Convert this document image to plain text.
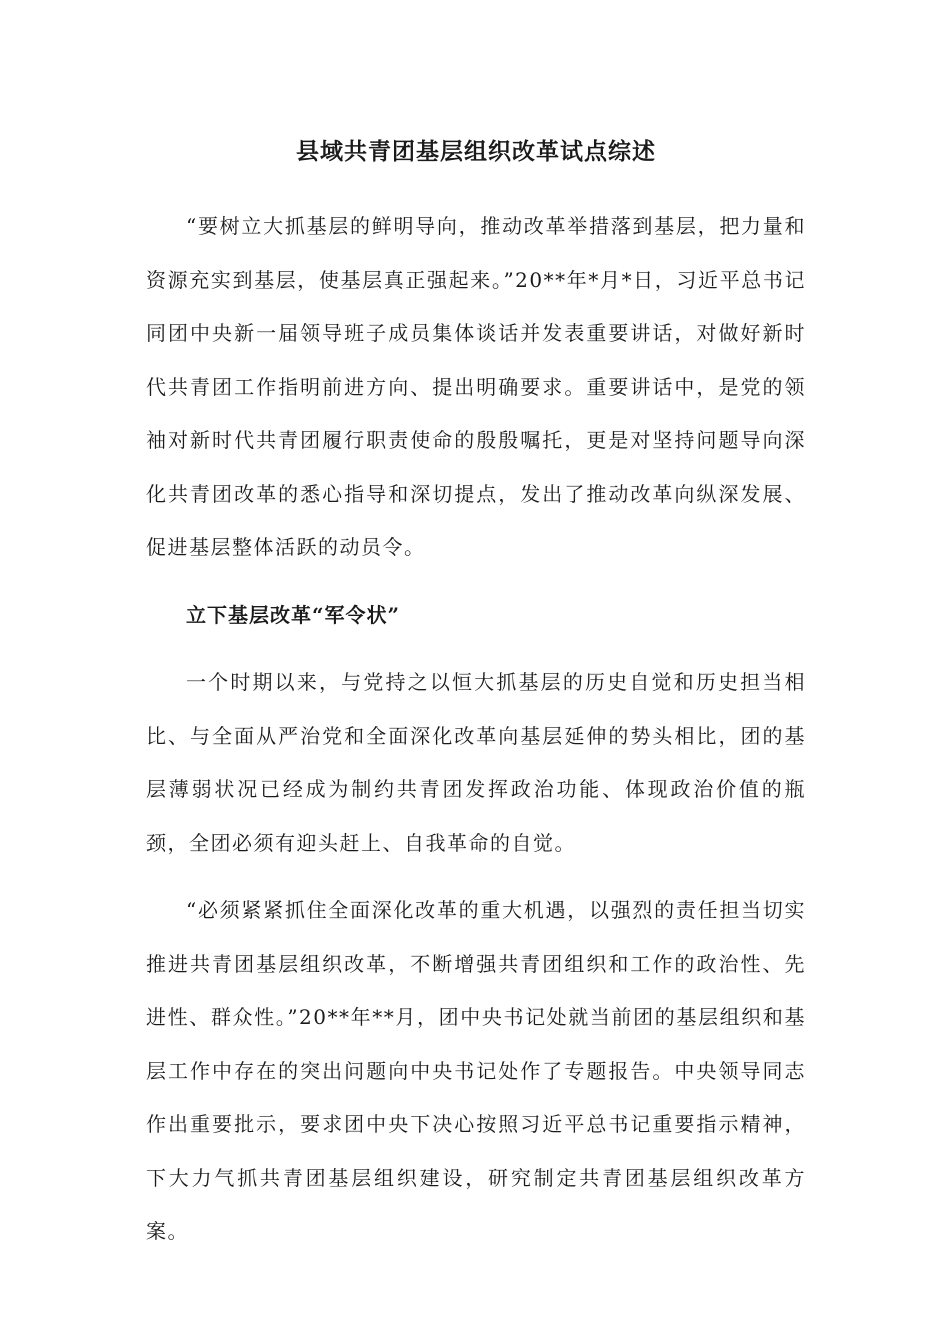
县域共青团基层组织改革试点综述

“要树立大抓基层的鲜明导向，推动改革举措落到基层，把力量和资源充实到基层，使基层真正强起来。”20**年*月*日，习近平总书记同团中央新一届领导班子成员集体谈话并发表重要讲话，对做好新时代共青团工作指明前进方向、提出明确要求。重要讲话中，是党的领袖对新时代共青团履行职责使命的殷殷嘱托，更是对坚持问题导向深化共青团改革的悉心指导和深切提点，发出了推动改革向纵深发展、促进基层整体活跃的动员令。

立下基层改革“军令状”

一个时期以来，与党持之以恒大抓基层的历史自觉和历史担当相比、与全面从严治党和全面深化改革向基层延伸的势头相比，团的基层薄弱状况已经成为制约共青团发挥政治功能、体现政治价值的瓶颈，全团必须有迎头赶上、自我革命的自觉。

“必须紧紧抓住全面深化改革的重大机遇，以强烈的责任担当切实推进共青团基层组织改革，不断增强共青团组织和工作的政治性、先进性、群众性。”20**年**月，团中央书记处就当前团的基层组织和基层工作中存在的突出问题向中央书记处作了专题报告。中央领导同志作出重要批示，要求团中央下决心按照习近平总书记重要指示精神，下大力气抓共青团基层组织建设，研究制定共青团基层组织改革方案。
